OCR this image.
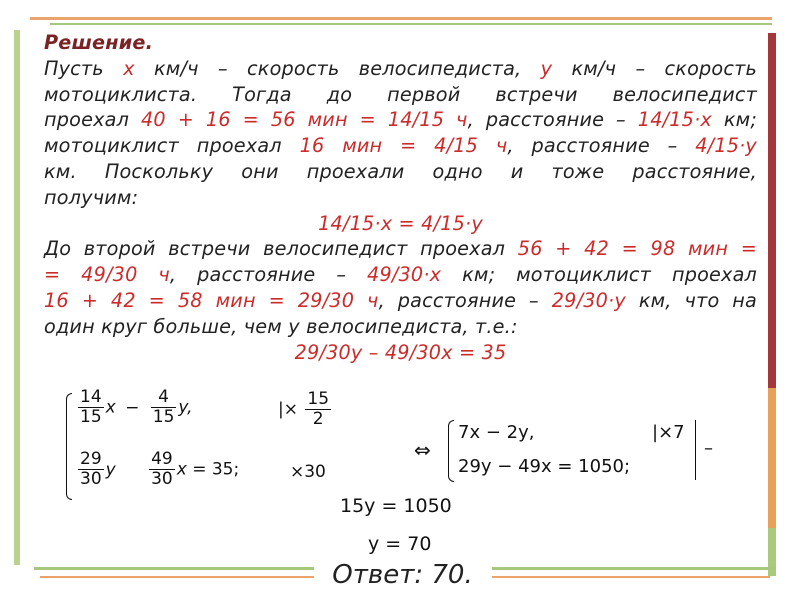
Решение.
Пусть x км/ч – скорость велосипедиста, y км/ч – скорость
мотоциклиста. Тогда до первой встречи велосипедист
проехал 40 + 16 = 56 мин = 14/15 ч, расстояние – 14/15·x км;
мотоциклист проехал 16 мин = 4/15 ч, расстояние – 4/15·y
км. Поскольку они проехали одно и тоже расстояние,
получим:
14/15·x = 4/15·y
До второй встречи велосипедист проехал 56 + 42 = 98 мин =
= 49/30 ч, расстояние – 49/30·x км; мотоциклист проехал
16 + 42 = 58 мин = 29/30 ч, расстояние – 29/30·y км, что на
один круг больше, чем у велосипедиста, т.е.:
29/30y – 49/30x = 35
$\frac{14}{15}$ $x - \frac{4}{15} y$,
$\frac{29}{30}$ y $\frac{49}{30}$ x = 35;
|× $\frac{15}{2}$
×30
⇔
7x − 2y,
29y − 49x = 1050;
|×7
–
15y = 1050
y = 70
Ответ: 70.
